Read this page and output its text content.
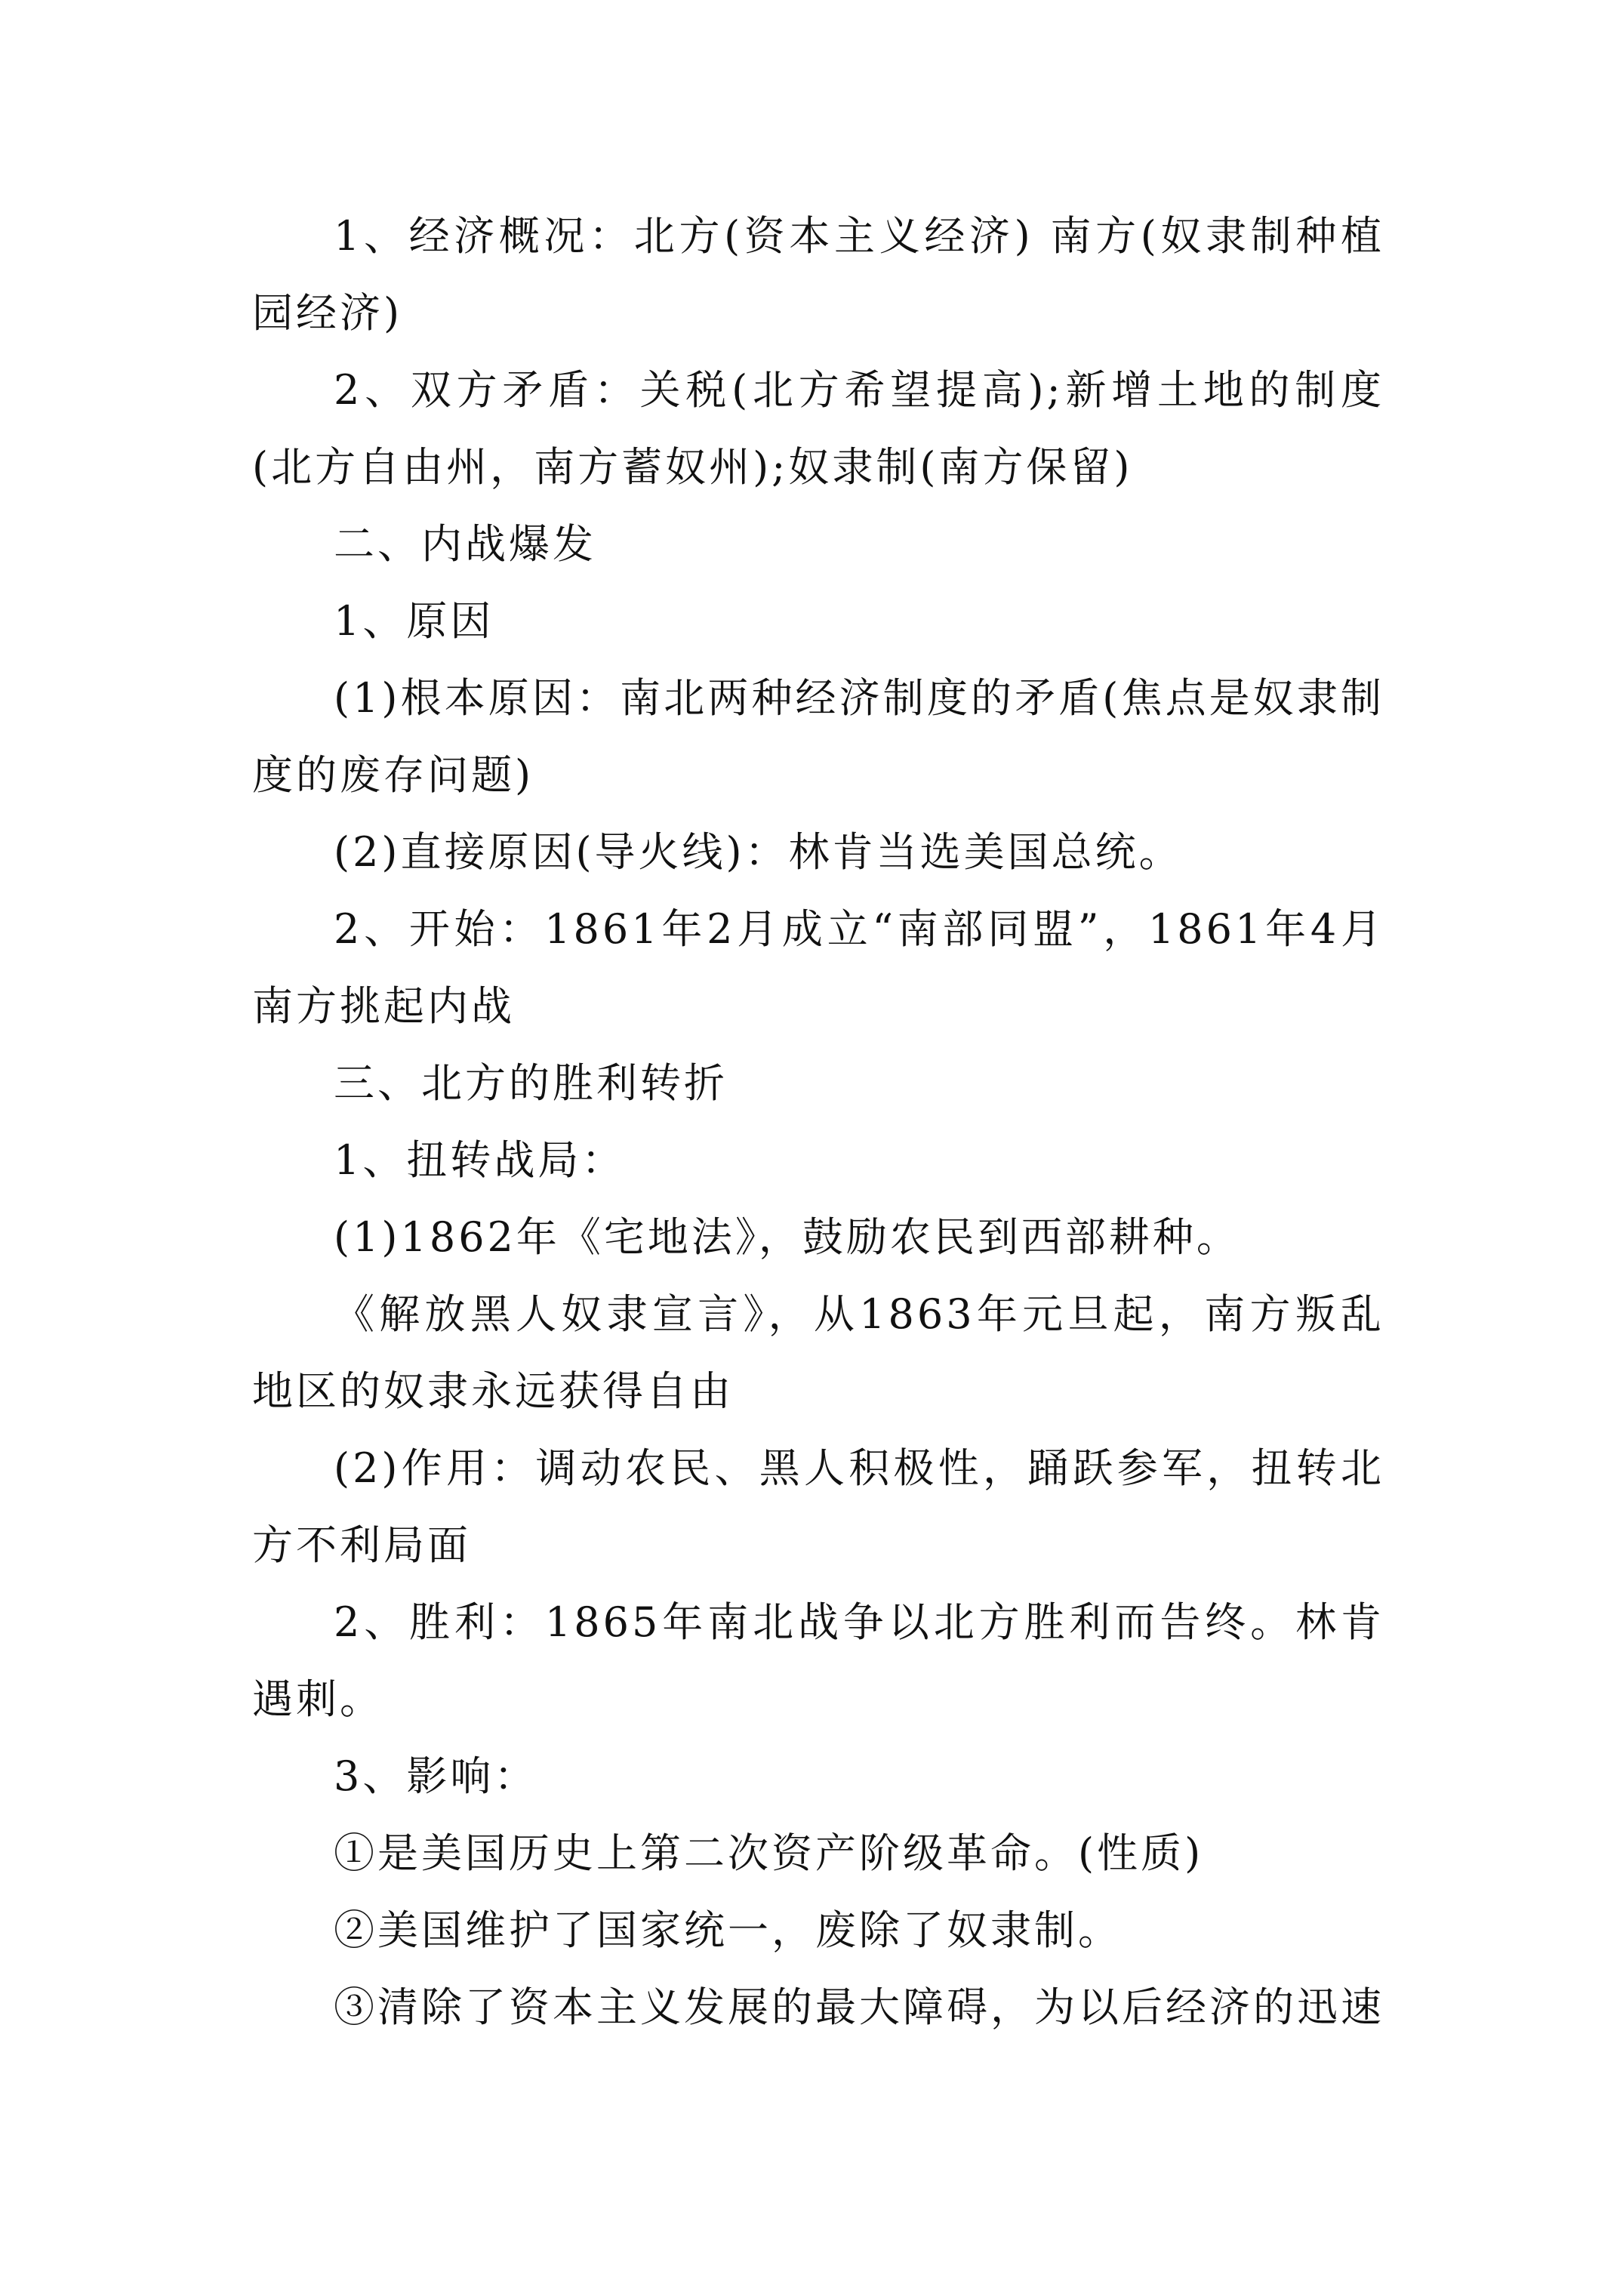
1、经济概况：北方(资本主义经济) 南方(奴隶制种植园经济)

2、双方矛盾：关税(北方希望提高);新增土地的制度(北方自由州，南方蓄奴州);奴隶制(南方保留)

二、内战爆发

1、原因

(1)根本原因：南北两种经济制度的矛盾(焦点是奴隶制度的废存问题)

(2)直接原因(导火线)：林肯当选美国总统。

2、开始：1861年2月成立“南部同盟”，1861年4月南方挑起内战

三、北方的胜利转折

1、扭转战局：

(1)1862年《宅地法》，鼓励农民到西部耕种。

《解放黑人奴隶宣言》，从1863年元旦起，南方叛乱地区的奴隶永远获得自由

(2)作用：调动农民、黑人积极性，踊跃参军，扭转北方不利局面

2、胜利：1865年南北战争以北方胜利而告终。林肯遇刺。

3、影响：

①是美国历史上第二次资产阶级革命。(性质)

②美国维护了国家统一，废除了奴隶制。

③清除了资本主义发展的最大障碍，为以后经济的迅速
